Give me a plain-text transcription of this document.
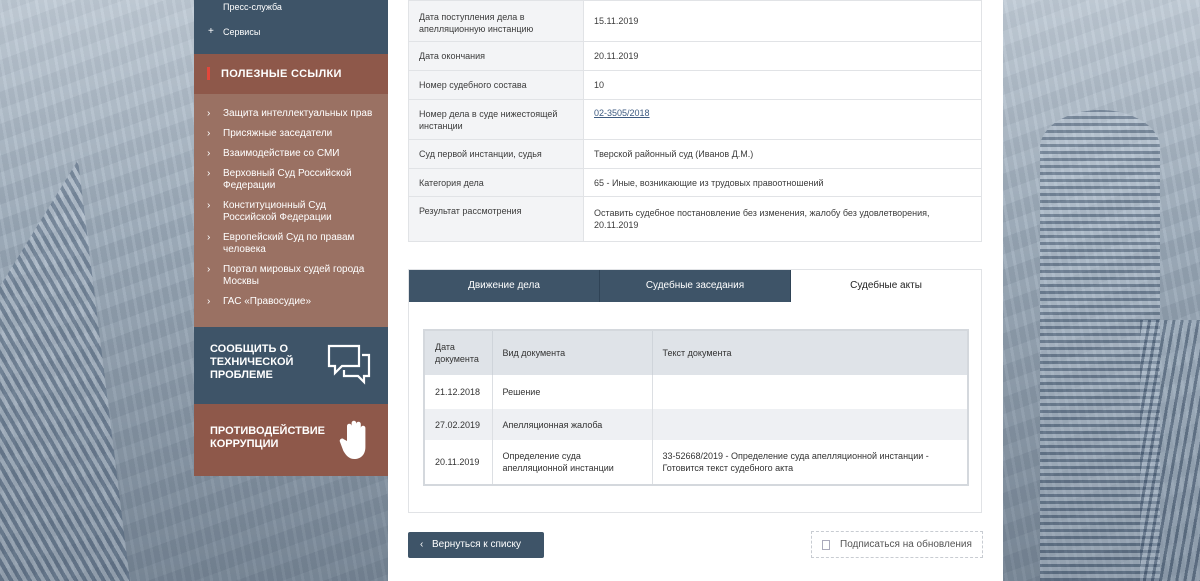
Пресс-служба
+ Сервисы
ПОЛЕЗНЫЕ ССЫЛКИ
› Защита интеллектуальных прав
› Присяжные заседатели
› Взаимодействие со СМИ
› Верховный Суд Российской Федерации
› Конституционный Суд Российской Федерации
› Европейский Суд по правам человека
› Портал мировых судей города Москвы
› ГАС «Правосудие»
СООБЩИТЬ О ТЕХНИЧЕСКОЙ ПРОБЛЕМЕ
ПРОТИВОДЕЙСТВИЕ КОРРУПЦИИ
Дата поступления дела в апелляционную инстанцию	15.11.2019
Дата окончания	20.11.2019
Номер судебного состава	10
Номер дела в суде нижестоящей инстанции	02-3505/2018
Суд первой инстанции, судья	Тверской районный суд (Иванов Д.М.)
Категория дела	65 - Иные, возникающие из трудовых правоотношений
Результат рассмотрения	Оставить судебное постановление без изменения, жалобу без удовлетворения, 20.11.2019
Движение дела	Судебные заседания	Судебные акты
Дата документа	Вид документа	Текст документа
21.12.2018	Решение	
27.02.2019	Апелляционная жалоба	
20.11.2019	Определение суда апелляционной инстанции	33-52668/2019 - Определение суда апелляционной инстанции - Готовится текст судебного акта
‹ Вернуться к списку	Подписаться на обновления
